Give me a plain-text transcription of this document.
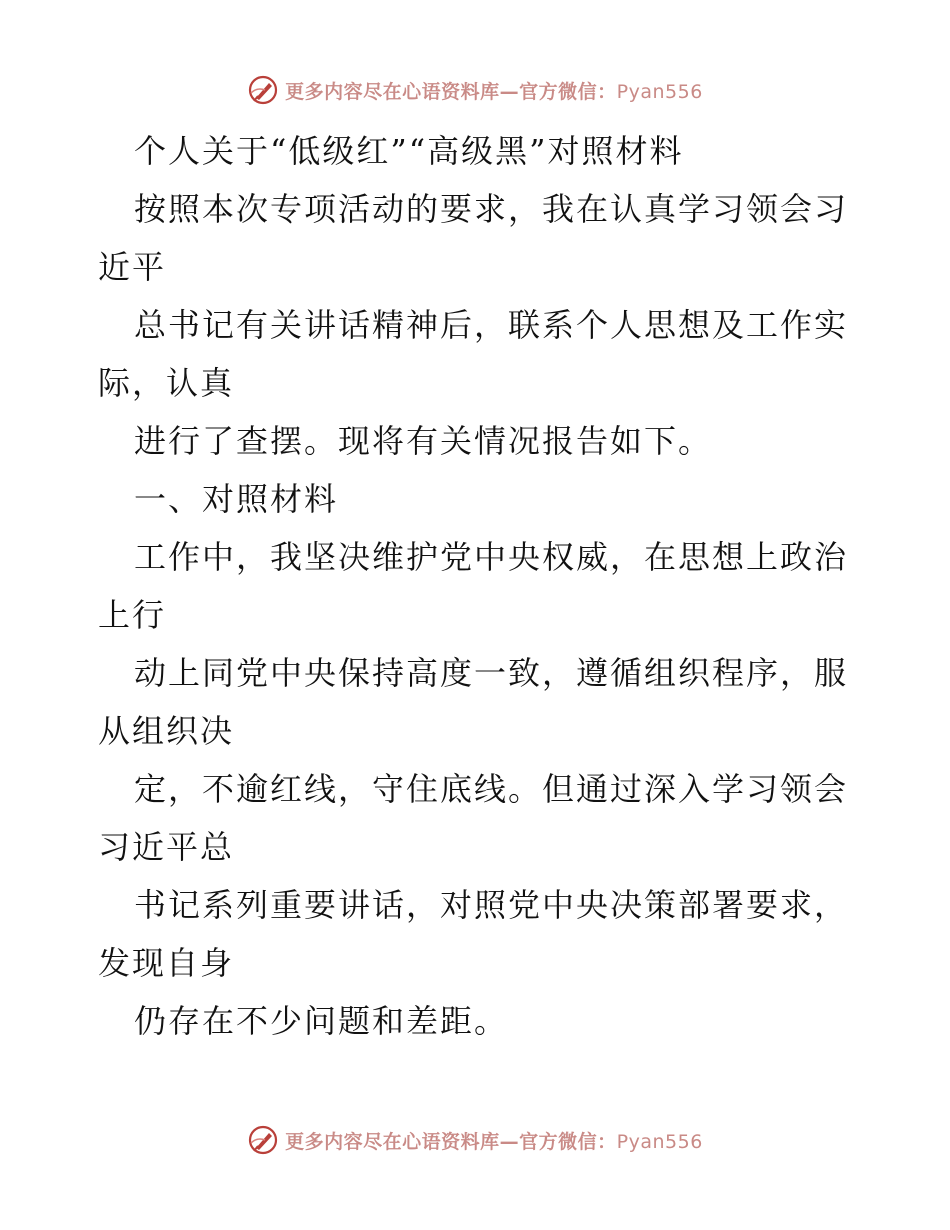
更多内容尽在心语资料库—官方微信：Pyan556
个人关于“低级红”“高级黑”对照材料
按照本次专项活动的要求，我在认真学习领会习
近平
总书记有关讲话精神后，联系个人思想及工作实
际，认真
进行了查摆。现将有关情况报告如下。
一、对照材料
工作中，我坚决维护党中央权威，在思想上政治
上行
动上同党中央保持高度一致，遵循组织程序，服
从组织决
定，不逾红线，守住底线。但通过深入学习领会
习近平总
书记系列重要讲话，对照党中央决策部署要求，
发现自身
仍存在不少问题和差距。
更多内容尽在心语资料库—官方微信：Pyan556
